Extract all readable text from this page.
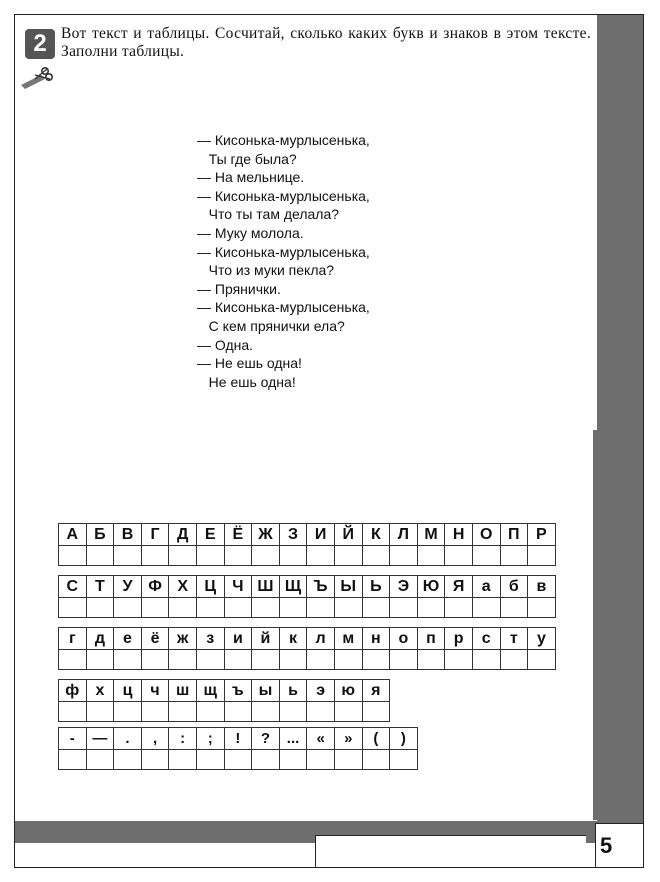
5
2 Вот текст и таблицы. Сосчитай, сколько каких букв и знаков в этом тексте. Заполни таблицы.
— Кисонька-мурлысенька,
Ты где была?
— На мельнице.
— Кисонька-мурлысенька,
Что ты там делала?
— Муку молола.
— Кисонька-мурлысенька,
Что из муки пекла?
— Прянички.
— Кисонька-мурлысенька,
С кем прянички ела?
— Одна.
— Не ешь одна!
Не ешь одна!
А	Б	В	Г	Д	Е	Ё	Ж	З	И	Й	К	Л	М	Н	О	П	Р

С	Т	У	Ф	Х	Ц	Ч	Ш	Щ	Ъ	Ы	Ь	Э	Ю	Я	а	б	в

г	д	е	ё	ж	з	и	й	к	л	м	н	о	п	р	с	т	у

ф	х	ц	ч	ш	щ	ъ	ы	ь	э	ю	я

-	—	.	,	:	;	!	?	...	«	»	(	)
